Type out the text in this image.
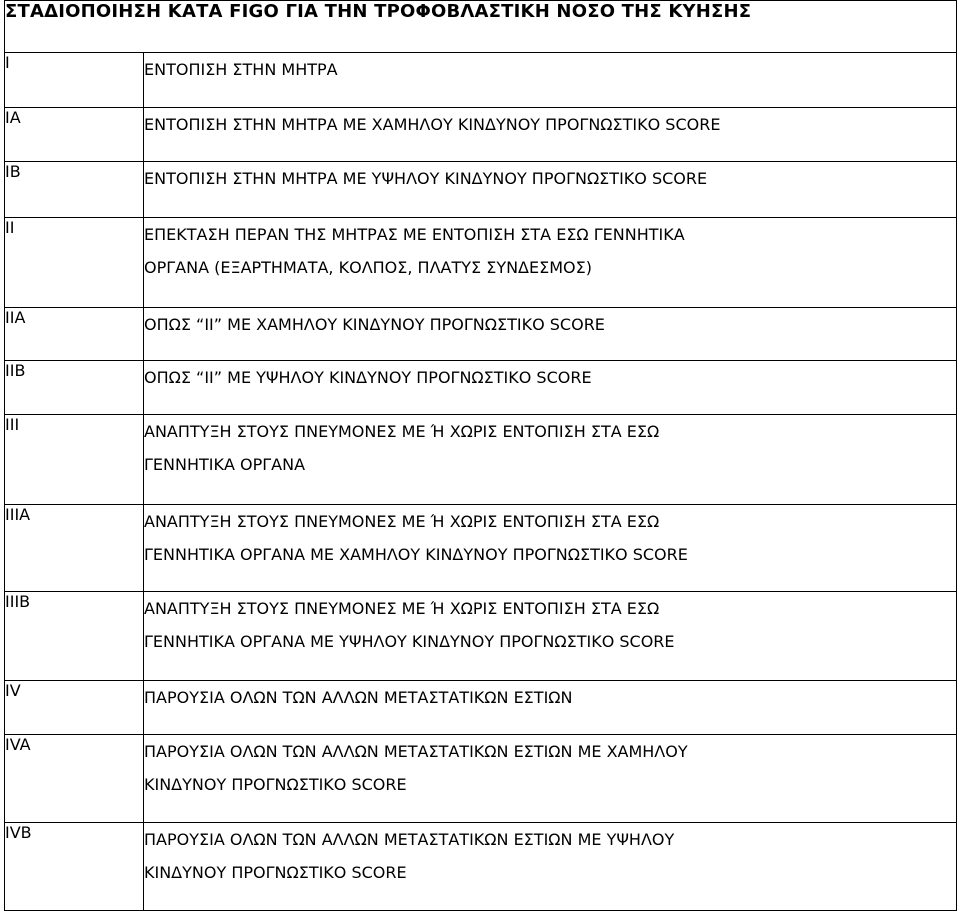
ΣΤΑΔΙΟΠΟΙΗΣΗ ΚΑΤΑ FIGO ΓΙΑ ΤΗΝ ΤΡΟΦΟΒΛΑΣΤΙΚΗ ΝΟΣΟ ΤΗΣ ΚΥΗΣΗΣ	
I	ΕΝΤΟΠΙΣΗ ΣΤΗΝ ΜΗΤΡΑ

IA	ΕΝΤΟΠΙΣΗ ΣΤΗΝ ΜΗΤΡΑ ΜΕ ΧΑΜΗΛΟΥ ΚΙΝΔΥΝΟΥ ΠΡΟΓΝΩΣΤΙΚΟ SCORE

IB	ΕΝΤΟΠΙΣΗ ΣΤΗΝ ΜΗΤΡΑ ΜΕ ΥΨΗΛΟΥ ΚΙΝΔΥΝΟΥ ΠΡΟΓΝΩΣΤΙΚΟ SCORE

II	ΕΠΕΚΤΑΣΗ ΠΕΡΑΝ ΤΗΣ ΜΗΤΡΑΣ ΜΕ ΕΝΤΟΠΙΣΗ ΣΤΑ ΕΣΩ ΓΕΝΝΗΤΙΚΑ
ΟΡΓΑΝΑ (ΕΞΑΡΤΗΜΑΤΑ, ΚΟΛΠΟΣ, ΠΛΑΤΥΣ ΣΥΝΔΕΣΜΟΣ)

IIA	ΟΠΩΣ “ΙΙ” ΜΕ ΧΑΜΗΛΟΥ ΚΙΝΔΥΝΟΥ ΠΡΟΓΝΩΣΤΙΚΟ SCORE

IIB	ΟΠΩΣ “ΙΙ” ΜΕ ΥΨΗΛΟΥ ΚΙΝΔΥΝΟΥ ΠΡΟΓΝΩΣΤΙΚΟ SCORE

III	ΑΝΑΠΤΥΞΗ ΣΤΟΥΣ ΠΝΕΥΜΟΝΕΣ ΜΕ Ή ΧΩΡΙΣ ΕΝΤΟΠΙΣΗ ΣΤΑ ΕΣΩ
ΓΕΝΝΗΤΙΚΑ ΟΡΓΑΝΑ

IIIA	ΑΝΑΠΤΥΞΗ ΣΤΟΥΣ ΠΝΕΥΜΟΝΕΣ ΜΕ Ή ΧΩΡΙΣ ΕΝΤΟΠΙΣΗ ΣΤΑ ΕΣΩ
ΓΕΝΝΗΤΙΚΑ ΟΡΓΑΝΑ ΜΕ ΧΑΜΗΛΟΥ ΚΙΝΔΥΝΟΥ ΠΡΟΓΝΩΣΤΙΚΟ SCORE

IIIB	ΑΝΑΠΤΥΞΗ ΣΤΟΥΣ ΠΝΕΥΜΟΝΕΣ ΜΕ Ή ΧΩΡΙΣ ΕΝΤΟΠΙΣΗ ΣΤΑ ΕΣΩ
ΓΕΝΝΗΤΙΚΑ ΟΡΓΑΝΑ ΜΕ ΥΨΗΛΟΥ ΚΙΝΔΥΝΟΥ ΠΡΟΓΝΩΣΤΙΚΟ SCORE

IV	ΠΑΡΟΥΣΙΑ ΟΛΩΝ ΤΩΝ ΑΛΛΩΝ ΜΕΤΑΣΤΑΤΙΚΩΝ ΕΣΤΙΩΝ

IVA	ΠΑΡΟΥΣΙΑ ΟΛΩΝ ΤΩΝ ΑΛΛΩΝ ΜΕΤΑΣΤΑΤΙΚΩΝ ΕΣΤΙΩΝ ΜΕ ΧΑΜΗΛΟΥ
ΚΙΝΔΥΝΟΥ ΠΡΟΓΝΩΣΤΙΚΟ SCORE

IVB	ΠΑΡΟΥΣΙΑ ΟΛΩΝ ΤΩΝ ΑΛΛΩΝ ΜΕΤΑΣΤΑΤΙΚΩΝ ΕΣΤΙΩΝ ΜΕ ΥΨΗΛΟΥ
ΚΙΝΔΥΝΟΥ ΠΡΟΓΝΩΣΤΙΚΟ SCORE
